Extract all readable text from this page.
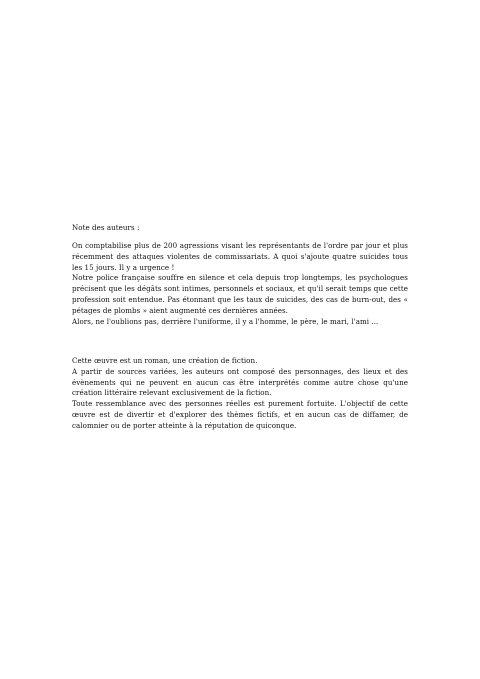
Note des auteurs :

On comptabilise plus de 200 agressions visant les représentants de l'ordre par jour et plus récemment des attaques violentes de commissariats. A quoi s'ajoute quatre suicides tous les 15 jours. Il y a urgence !

Notre police française souffre en silence et cela depuis trop longtemps, les psychologues précisent que les dégâts sont intimes, personnels et sociaux, et qu'il serait temps que cette profession soit entendue. Pas étonnant que les taux de suicides, des cas de burn-out, des « pétages de plombs » aient augmenté ces dernières années.

Alors, ne l'oublions pas, derrière l'uniforme, il y a l'homme, le père, le mari, l'ami ...

Cette œuvre est un roman, une création de fiction.

A partir de sources variées, les auteurs ont composé des personnages, des lieux et des évènements qui ne peuvent en aucun cas être interprétés comme autre chose qu'une création littéraire relevant exclusivement de la fiction.

Toute ressemblance avec des personnes réelles est purement fortuite. L'objectif de cette œuvre est de divertir et d'explorer des thèmes fictifs, et en aucun cas de diffamer, de calomnier ou de porter atteinte à la réputation de quiconque.
